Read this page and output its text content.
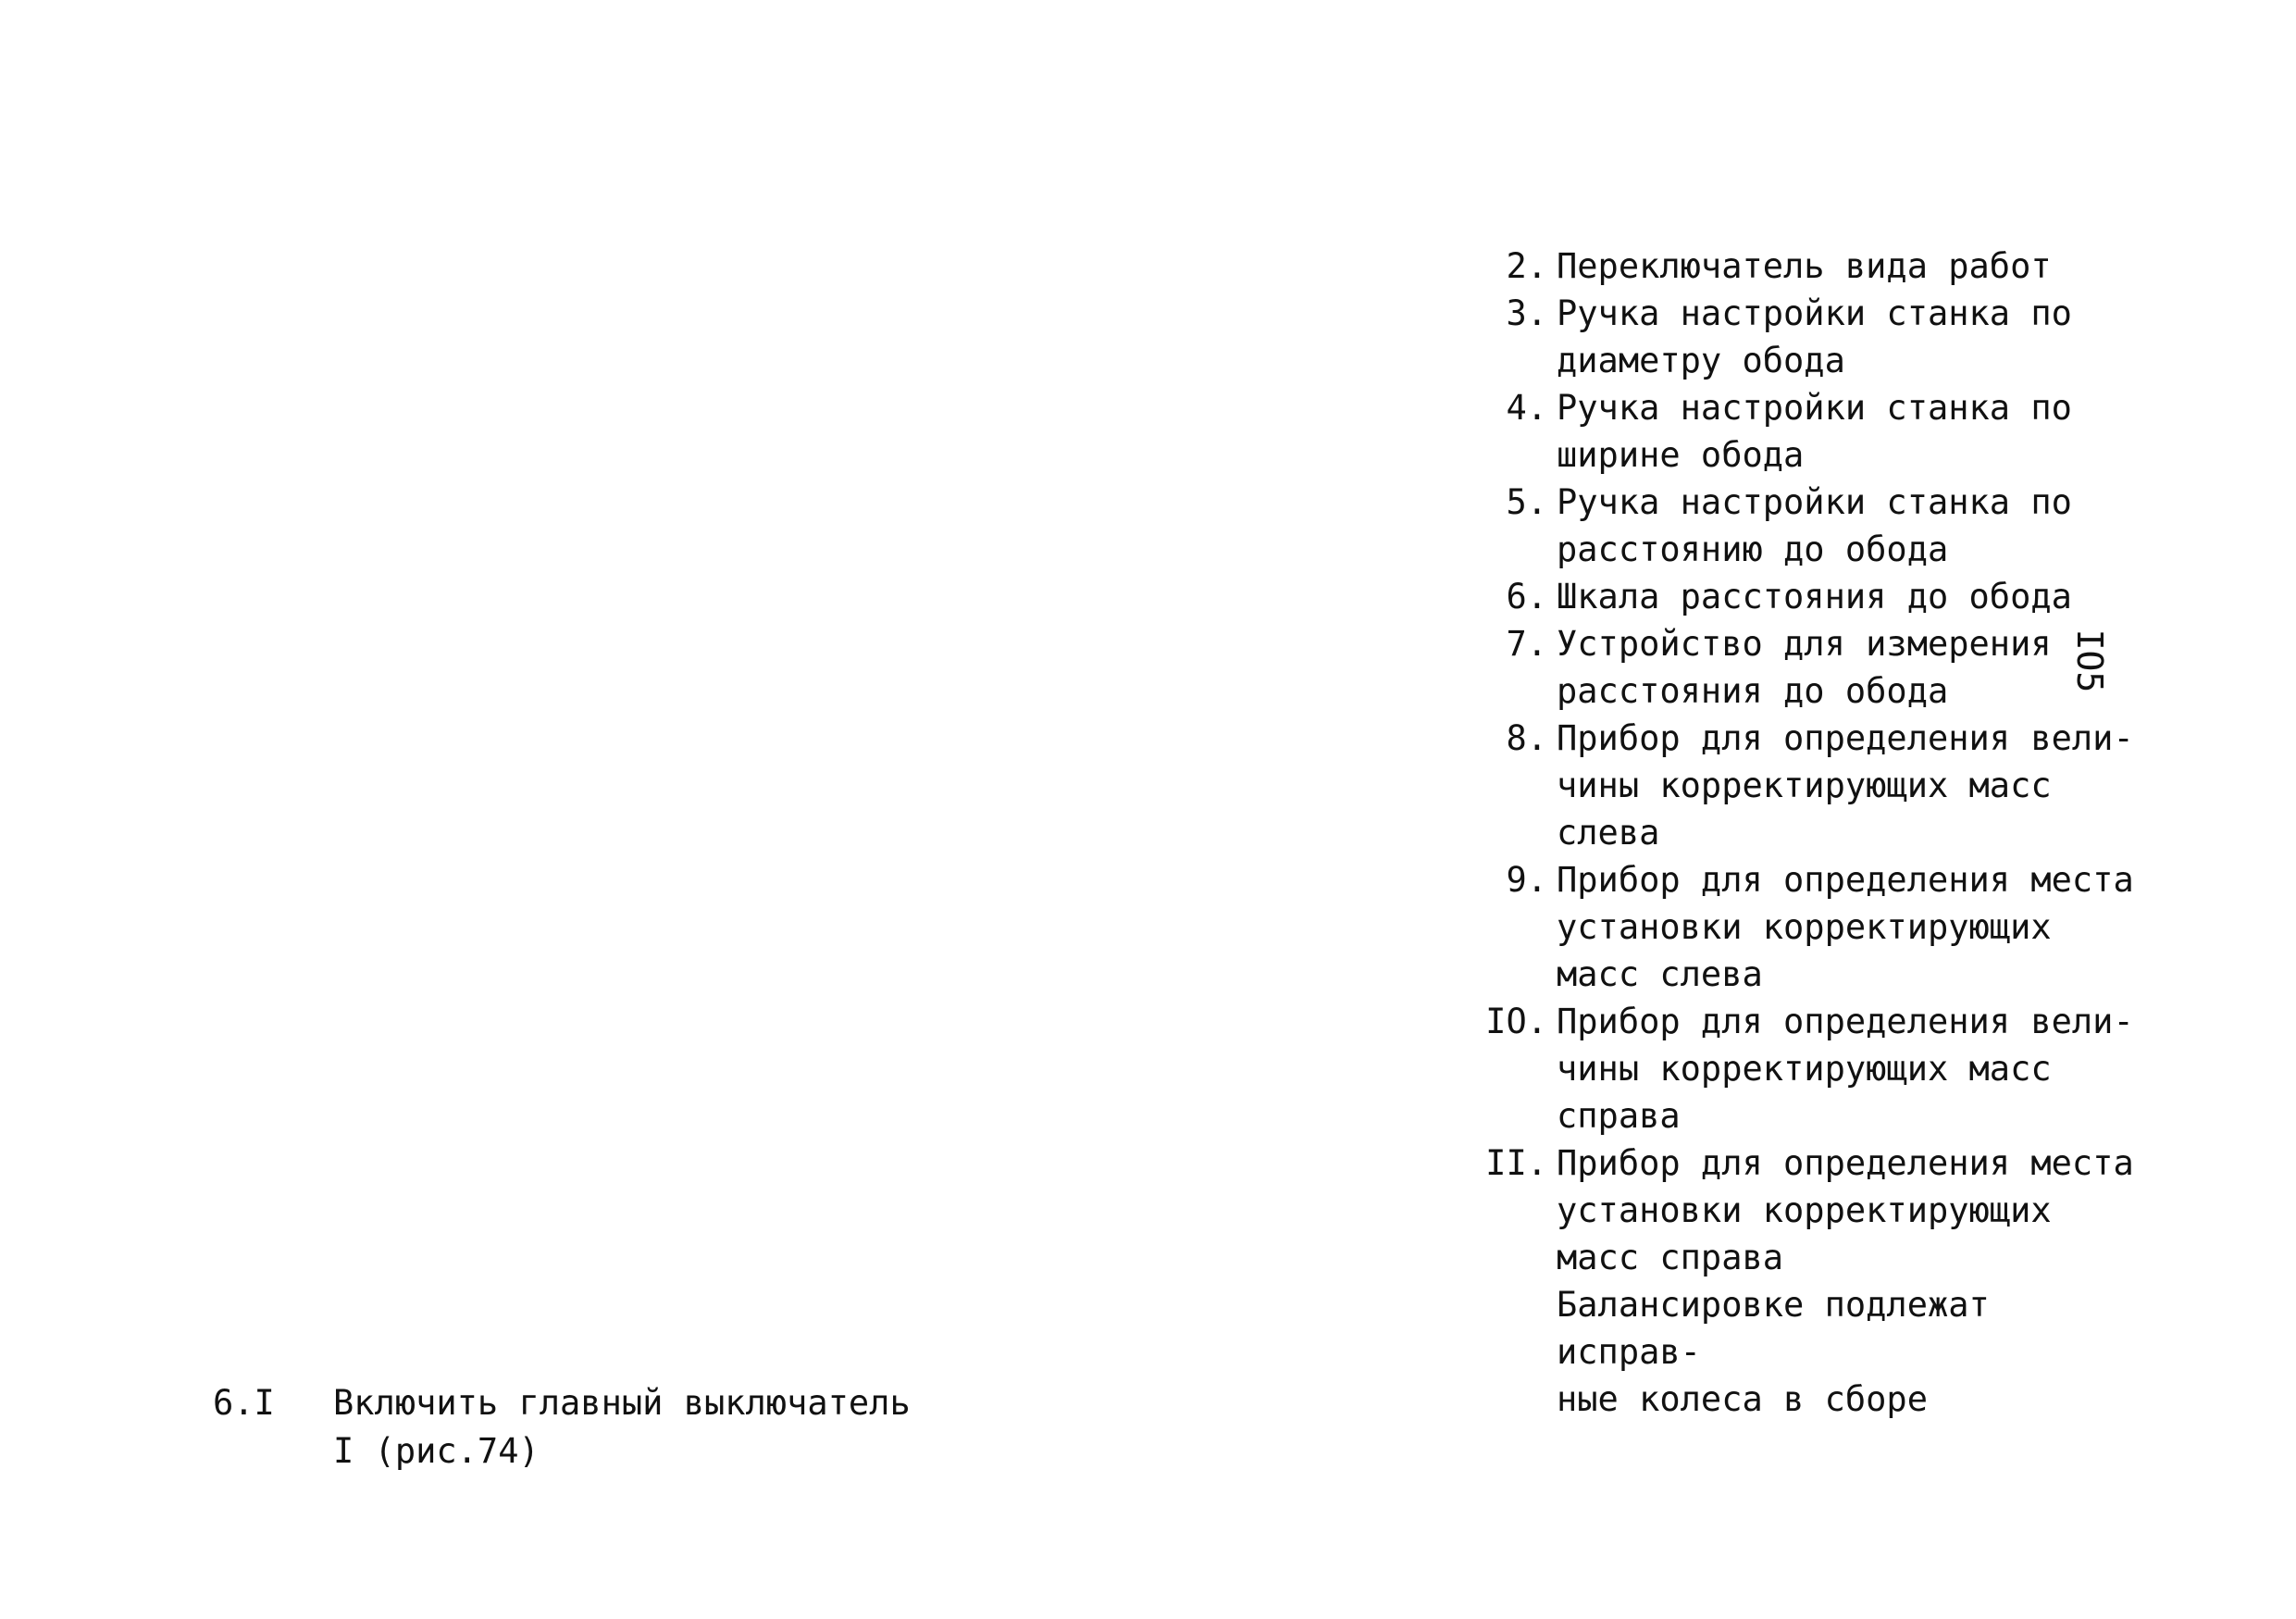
2. Переключатель вида работ
3. Ручка настройки станка по
диаметру обода
4. Ручка настройки станка по
ширине обода
5. Ручка настройки станка по
расстоянию до обода
6. Шкала расстояния до обода
7. Устройство для измерения
расстояния до обода
8. Прибор для определения вели-
чины корректирующих масс
слева
9. Прибор для определения места
установки корректирующих
масс слева
IO. Прибор для определения вели-
чины корректирующих масс
справа
II. Прибор для определения места
установки корректирующих
масс справа
Балансировке подлежат исправ-
ные колеса в сборе
IO5
6.I	Включить главный выключатель
I (рис.74)
